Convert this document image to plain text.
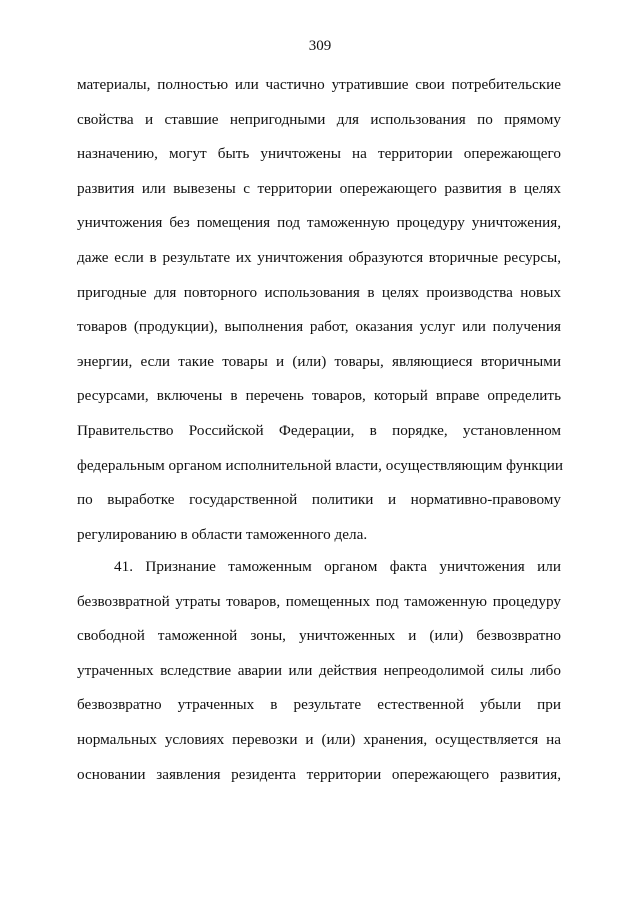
309
материалы, полностью или частично утратившие свои потребительские
свойства и ставшие непригодными для использования по прямому
назначению, могут быть уничтожены на территории опережающего
развития или вывезены с территории опережающего развития в целях
уничтожения без помещения под таможенную процедуру уничтожения,
даже если в результате их уничтожения образуются вторичные ресурсы,
пригодные для повторного использования в целях производства новых
товаров (продукции), выполнения работ, оказания услуг или получения
энергии, если такие товары и (или) товары, являющиеся вторичными
ресурсами, включены в перечень товаров, который вправе определить
Правительство Российской Федерации, в порядке, установленном
федеральным органом исполнительной власти, осуществляющим функции
по выработке государственной политики и нормативно-правовому
регулированию в области таможенного дела.
41. Признание таможенным органом факта уничтожения или
безвозвратной утраты товаров, помещенных под таможенную процедуру
свободной таможенной зоны, уничтоженных и (или) безвозвратно
утраченных вследствие аварии или действия непреодолимой силы либо
безвозвратно утраченных в результате естественной убыли при
нормальных условиях перевозки и (или) хранения, осуществляется на
основании заявления резидента территории опережающего развития,
